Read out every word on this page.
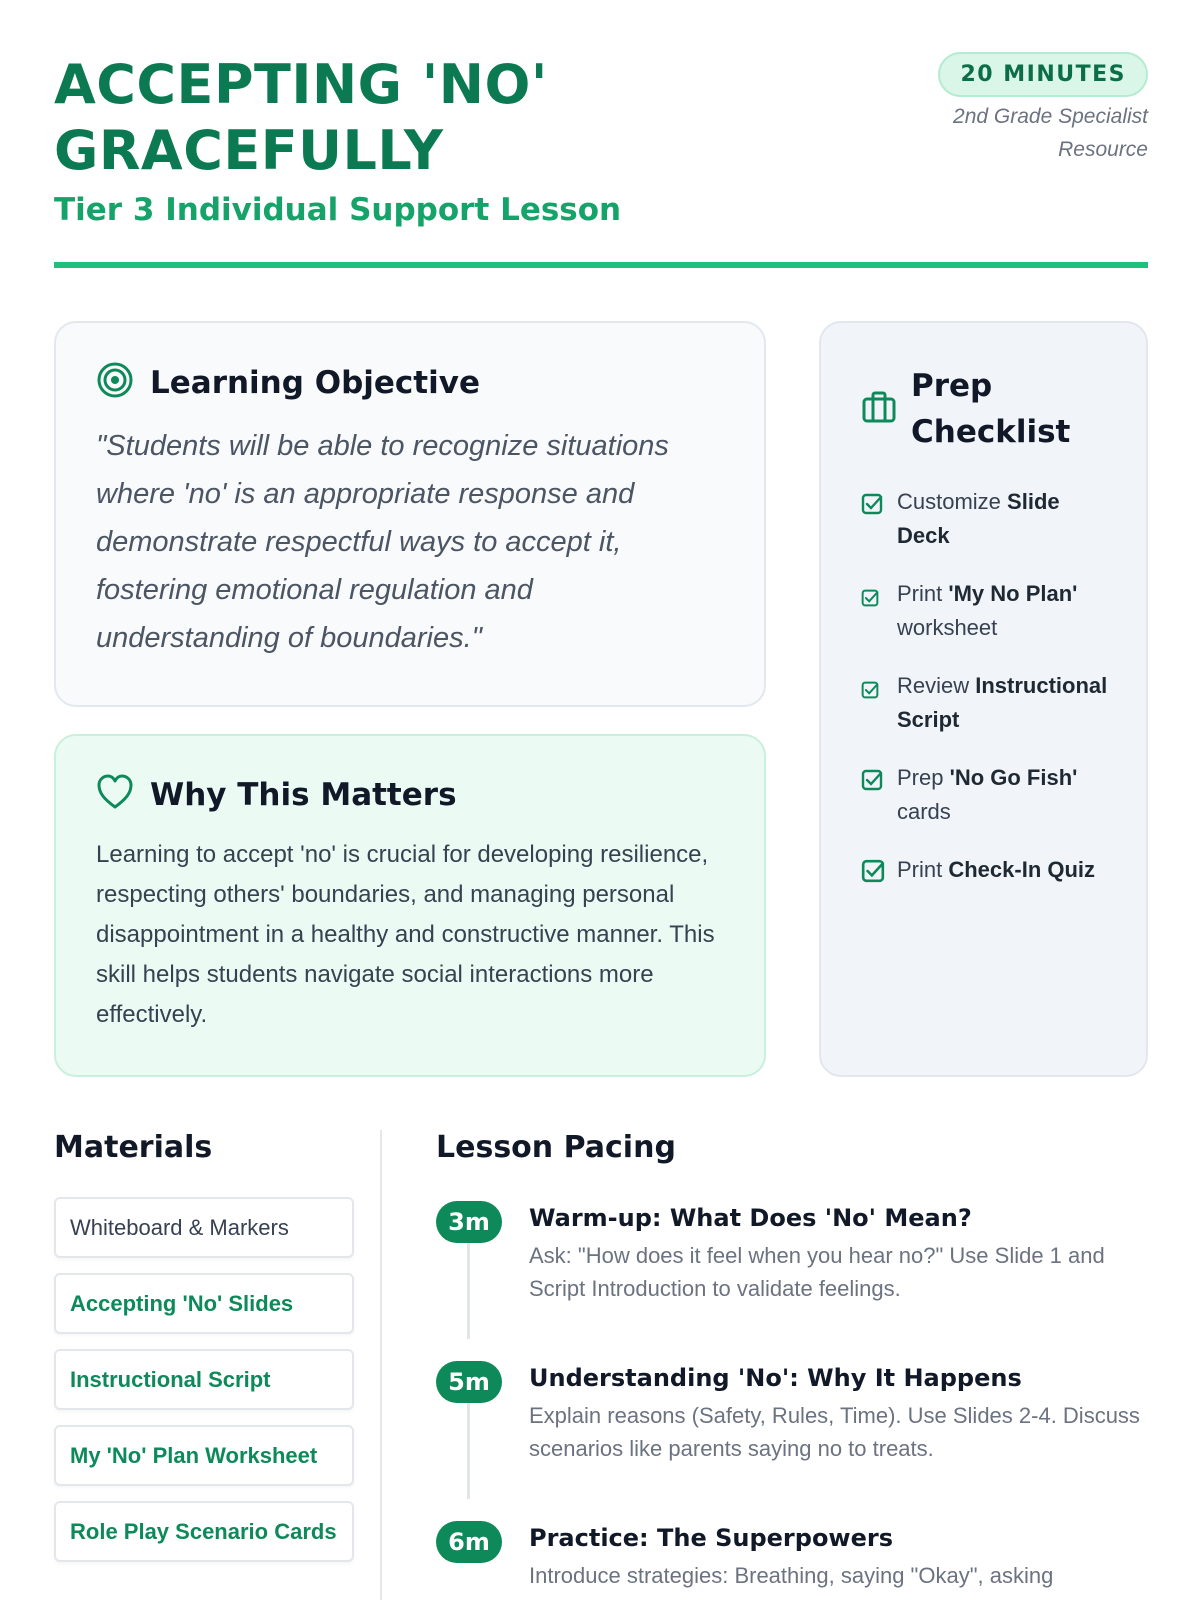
ACCEPTING 'NO' GRACEFULLY
Tier 3 Individual Support Lesson
20 MINUTES
2nd Grade Specialist Resource
Learning Objective

"Students will be able to recognize situations where 'no' is an appropriate response and demonstrate respectful ways to accept it, fostering emotional regulation and understanding of boundaries."

Why This Matters

Learning to accept 'no' is crucial for developing resilience, respecting others' boundaries, and managing personal disappointment in a healthy and constructive manner. This skill helps students navigate social interactions more effectively.

Prep Checklist
Customize Slide Deck
Print 'My No Plan' worksheet
Review Instructional Script
Prep 'No Go Fish' cards
Print Check-In Quiz
Materials
Whiteboard & Markers
Accepting 'No' Slides
Instructional Script
My 'No' Plan Worksheet
Role Play Scenario Cards
Lesson Pacing
3m	Warm-up: What Does 'No' Mean?
Ask: "How does it feel when you hear no?" Use Slide 1 and Script Introduction to validate feelings.
5m	Understanding 'No': Why It Happens
Explain reasons (Safety, Rules, Time). Use Slides 2-4. Discuss scenarios like parents saying no to treats.
6m	Practice: The Superpowers
Introduce strategies: Breathing, saying "Okay", asking
